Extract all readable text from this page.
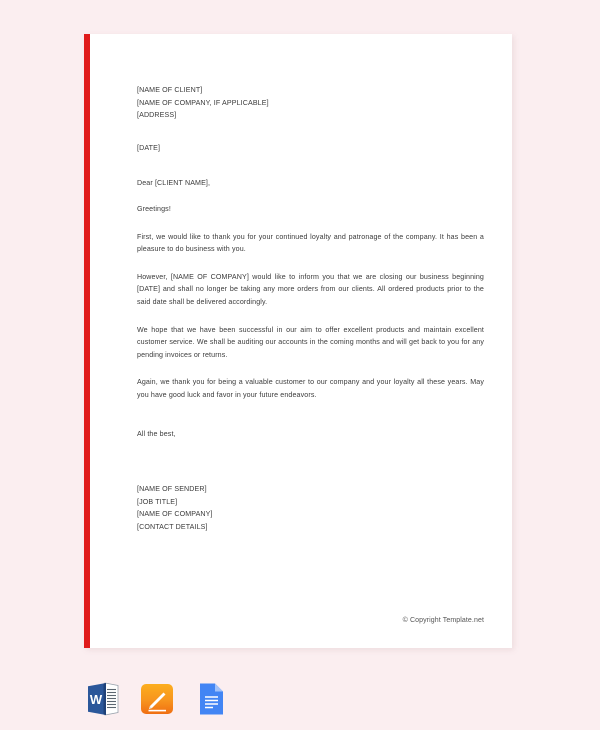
[NAME OF CLIENT]
[NAME OF COMPANY, IF APPLICABLE]
[ADDRESS]
[DATE]
Dear [CLIENT NAME],
Greetings!
First, we would like to thank you for your continued loyalty and patronage of the company. It has been a pleasure to do business with you.
However, [NAME OF COMPANY] would like to inform you that we are closing our business beginning [DATE] and shall no longer be taking any more orders from our clients. All ordered products prior to the said date shall be delivered accordingly.
We hope that we have been successful in our aim to offer excellent products and maintain excellent customer service. We shall be auditing our accounts in the coming months and will get back to you for any pending invoices or returns.
Again, we thank you for being a valuable customer to our company and your loyalty all these years. May you have good luck and favor in your future endeavors.
All the best,
[NAME OF SENDER]
[JOB TITLE]
[NAME OF COMPANY]
[CONTACT DETAILS]
© Copyright Template.net
W
